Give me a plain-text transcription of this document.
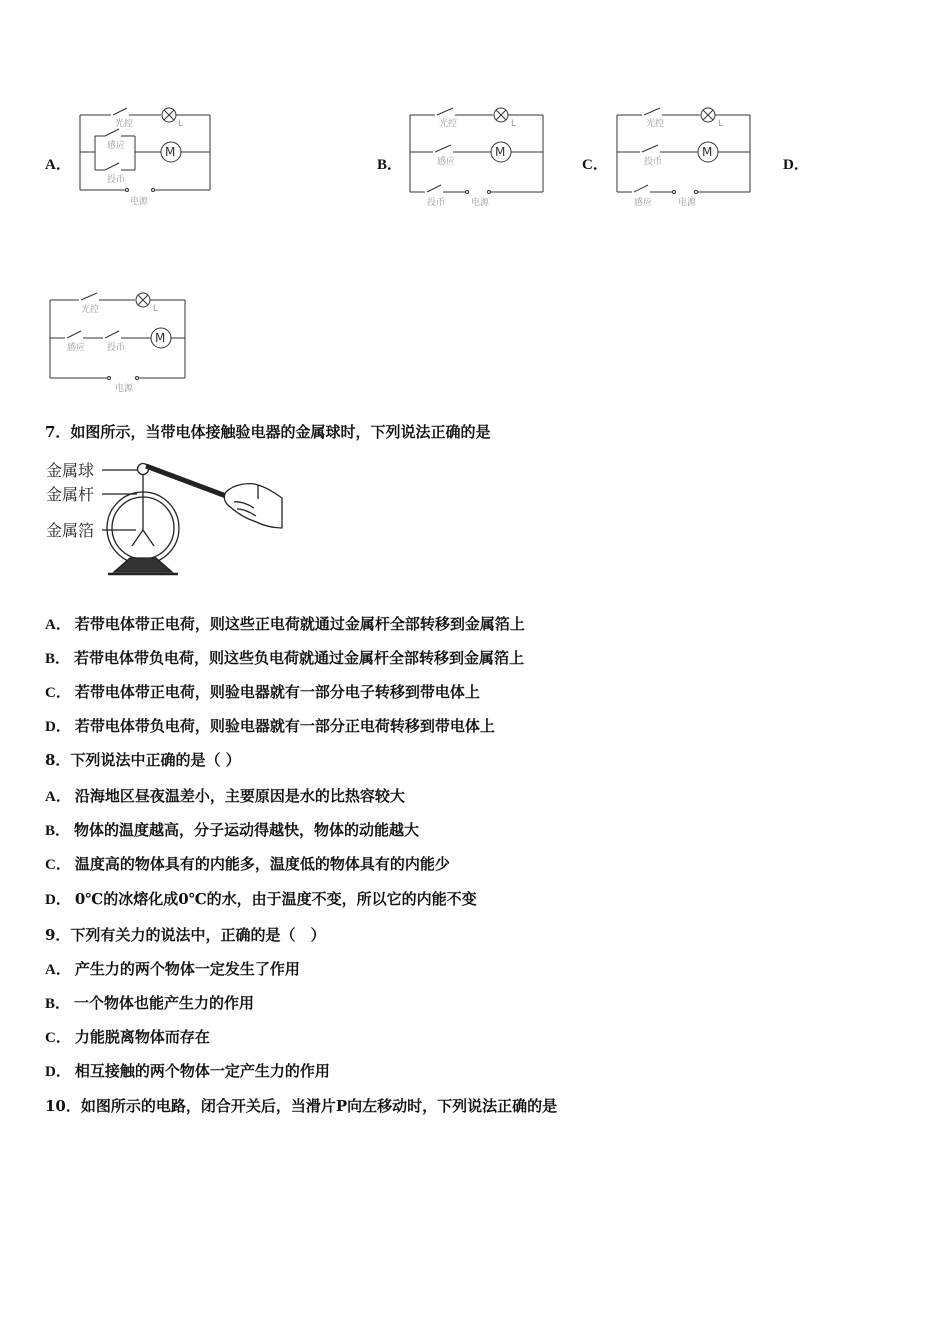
A．
M
L
光控
感应
投币
电源
B．
M
L
光控
感应
投币	电源
C．
M
L
光控
投币
感应	电源
D．
M
L
光控
感应 投币
电源
7．如图所示，当带电体接触验电器的金属球时，下列说法正确的是
金属球
金属杆
金属箔
A． 若带电体带正电荷，则这些正电荷就通过金属杆全部转移到金属箔上
B． 若带电体带负电荷，则这些负电荷就通过金属杆全部转移到金属箔上
C． 若带电体带正电荷，则验电器就有一部分电子转移到带电体上
D． 若带电体带负电荷，则验电器就有一部分正电荷转移到带电体上
8．下列说法中正确的是（ ）
A． 沿海地区昼夜温差小，主要原因是水的比热容较大
B． 物体的温度越高，分子运动得越快，物体的动能越大
C． 温度高的物体具有的内能多，温度低的物体具有的内能少
D． 0℃的冰熔化成0℃的水，由于温度不变，所以它的内能不变
9．下列有关力的说法中，正确的是（　）
A． 产生力的两个物体一定发生了作用
B． 一个物体也能产生力的作用
C． 力能脱离物体而存在
D． 相互接触的两个物体一定产生力的作用
10．如图所示的电路，闭合开关后，当滑片P向左移动时，下列说法正确的是
